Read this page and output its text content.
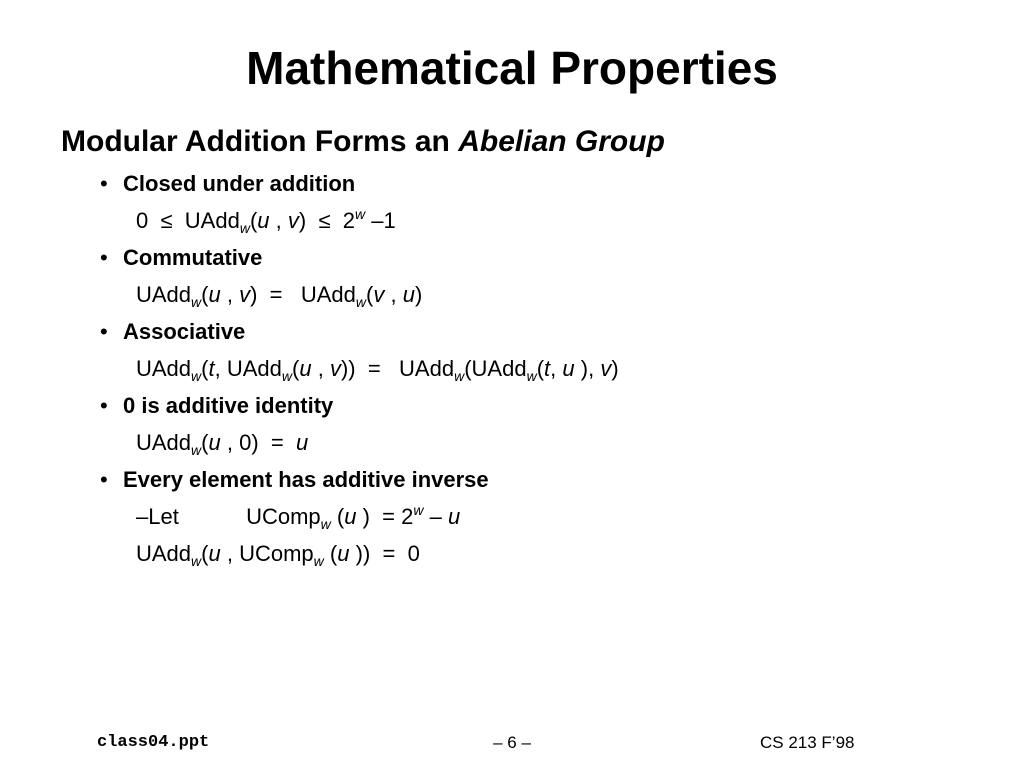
Mathematical Properties
Modular Addition Forms an Abelian Group
• Closed under addition
0 ≤ UAdd$_w$(u , $v) \le 2^w$ –1
• Commutative
UAdd$_w$(u , v)  = UAdd$_w$(v , u)
• Associative
UAdd$_w$(t, UAdd$_w$(u , v))  = UAdd$_w$(UAdd$_w$(t, u ), v)
• 0 is additive identity
UAdd$_w$(u , 0)  = u
• Every element has additive inverse
–Let	UComp$_w$ (u )  = $2^w$ – u
UAdd$_w$(u , UComp$_w$ (u ))  = 0
class04.ppt	– 6 –	CS 213 F’98
